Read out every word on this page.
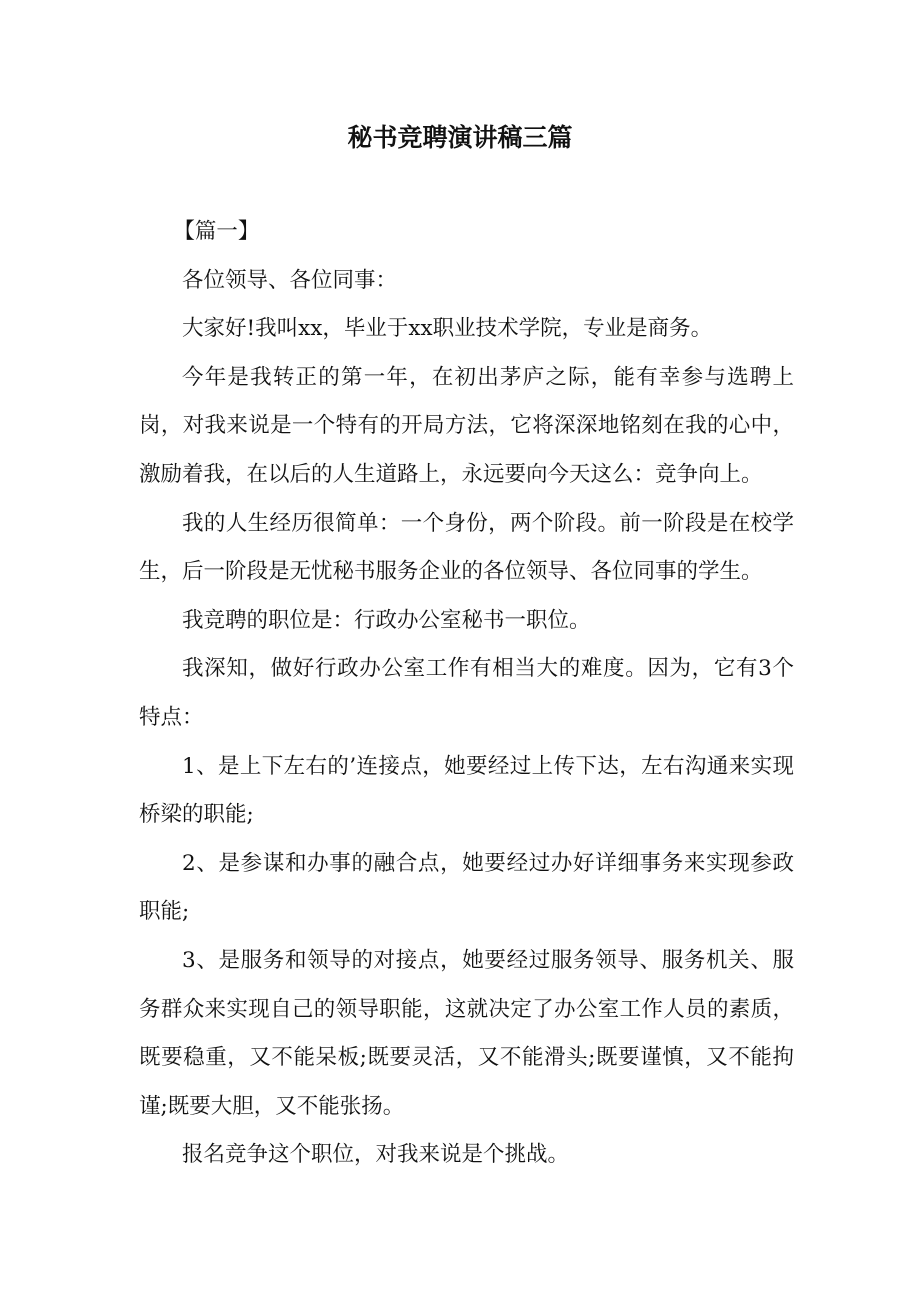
秘书竞聘演讲稿三篇

【篇一】

各位领导、各位同事：

大家好!我叫xx，毕业于xx职业技术学院，专业是商务。

今年是我转正的第一年，在初出茅庐之际，能有幸参与选聘上岗，对我来说是一个特有的开局方法，它将深深地铭刻在我的心中，激励着我，在以后的人生道路上，永远要向今天这么：竞争向上。

我的人生经历很简单：一个身份，两个阶段。前一阶段是在校学生，后一阶段是无忧秘书服务企业的各位领导、各位同事的学生。

我竞聘的职位是：行政办公室秘书一职位。

我深知，做好行政办公室工作有相当大的难度。因为，它有3个特点：

1、是上下左右的’连接点，她要经过上传下达，左右沟通来实现桥梁的职能;

2、是参谋和办事的融合点，她要经过办好详细事务来实现参政职能;

3、是服务和领导的对接点，她要经过服务领导、服务机关、服务群众来实现自己的领导职能，这就决定了办公室工作人员的素质，既要稳重，又不能呆板;既要灵活，又不能滑头;既要谨慎，又不能拘谨;既要大胆，又不能张扬。

报名竞争这个职位，对我来说是个挑战。
